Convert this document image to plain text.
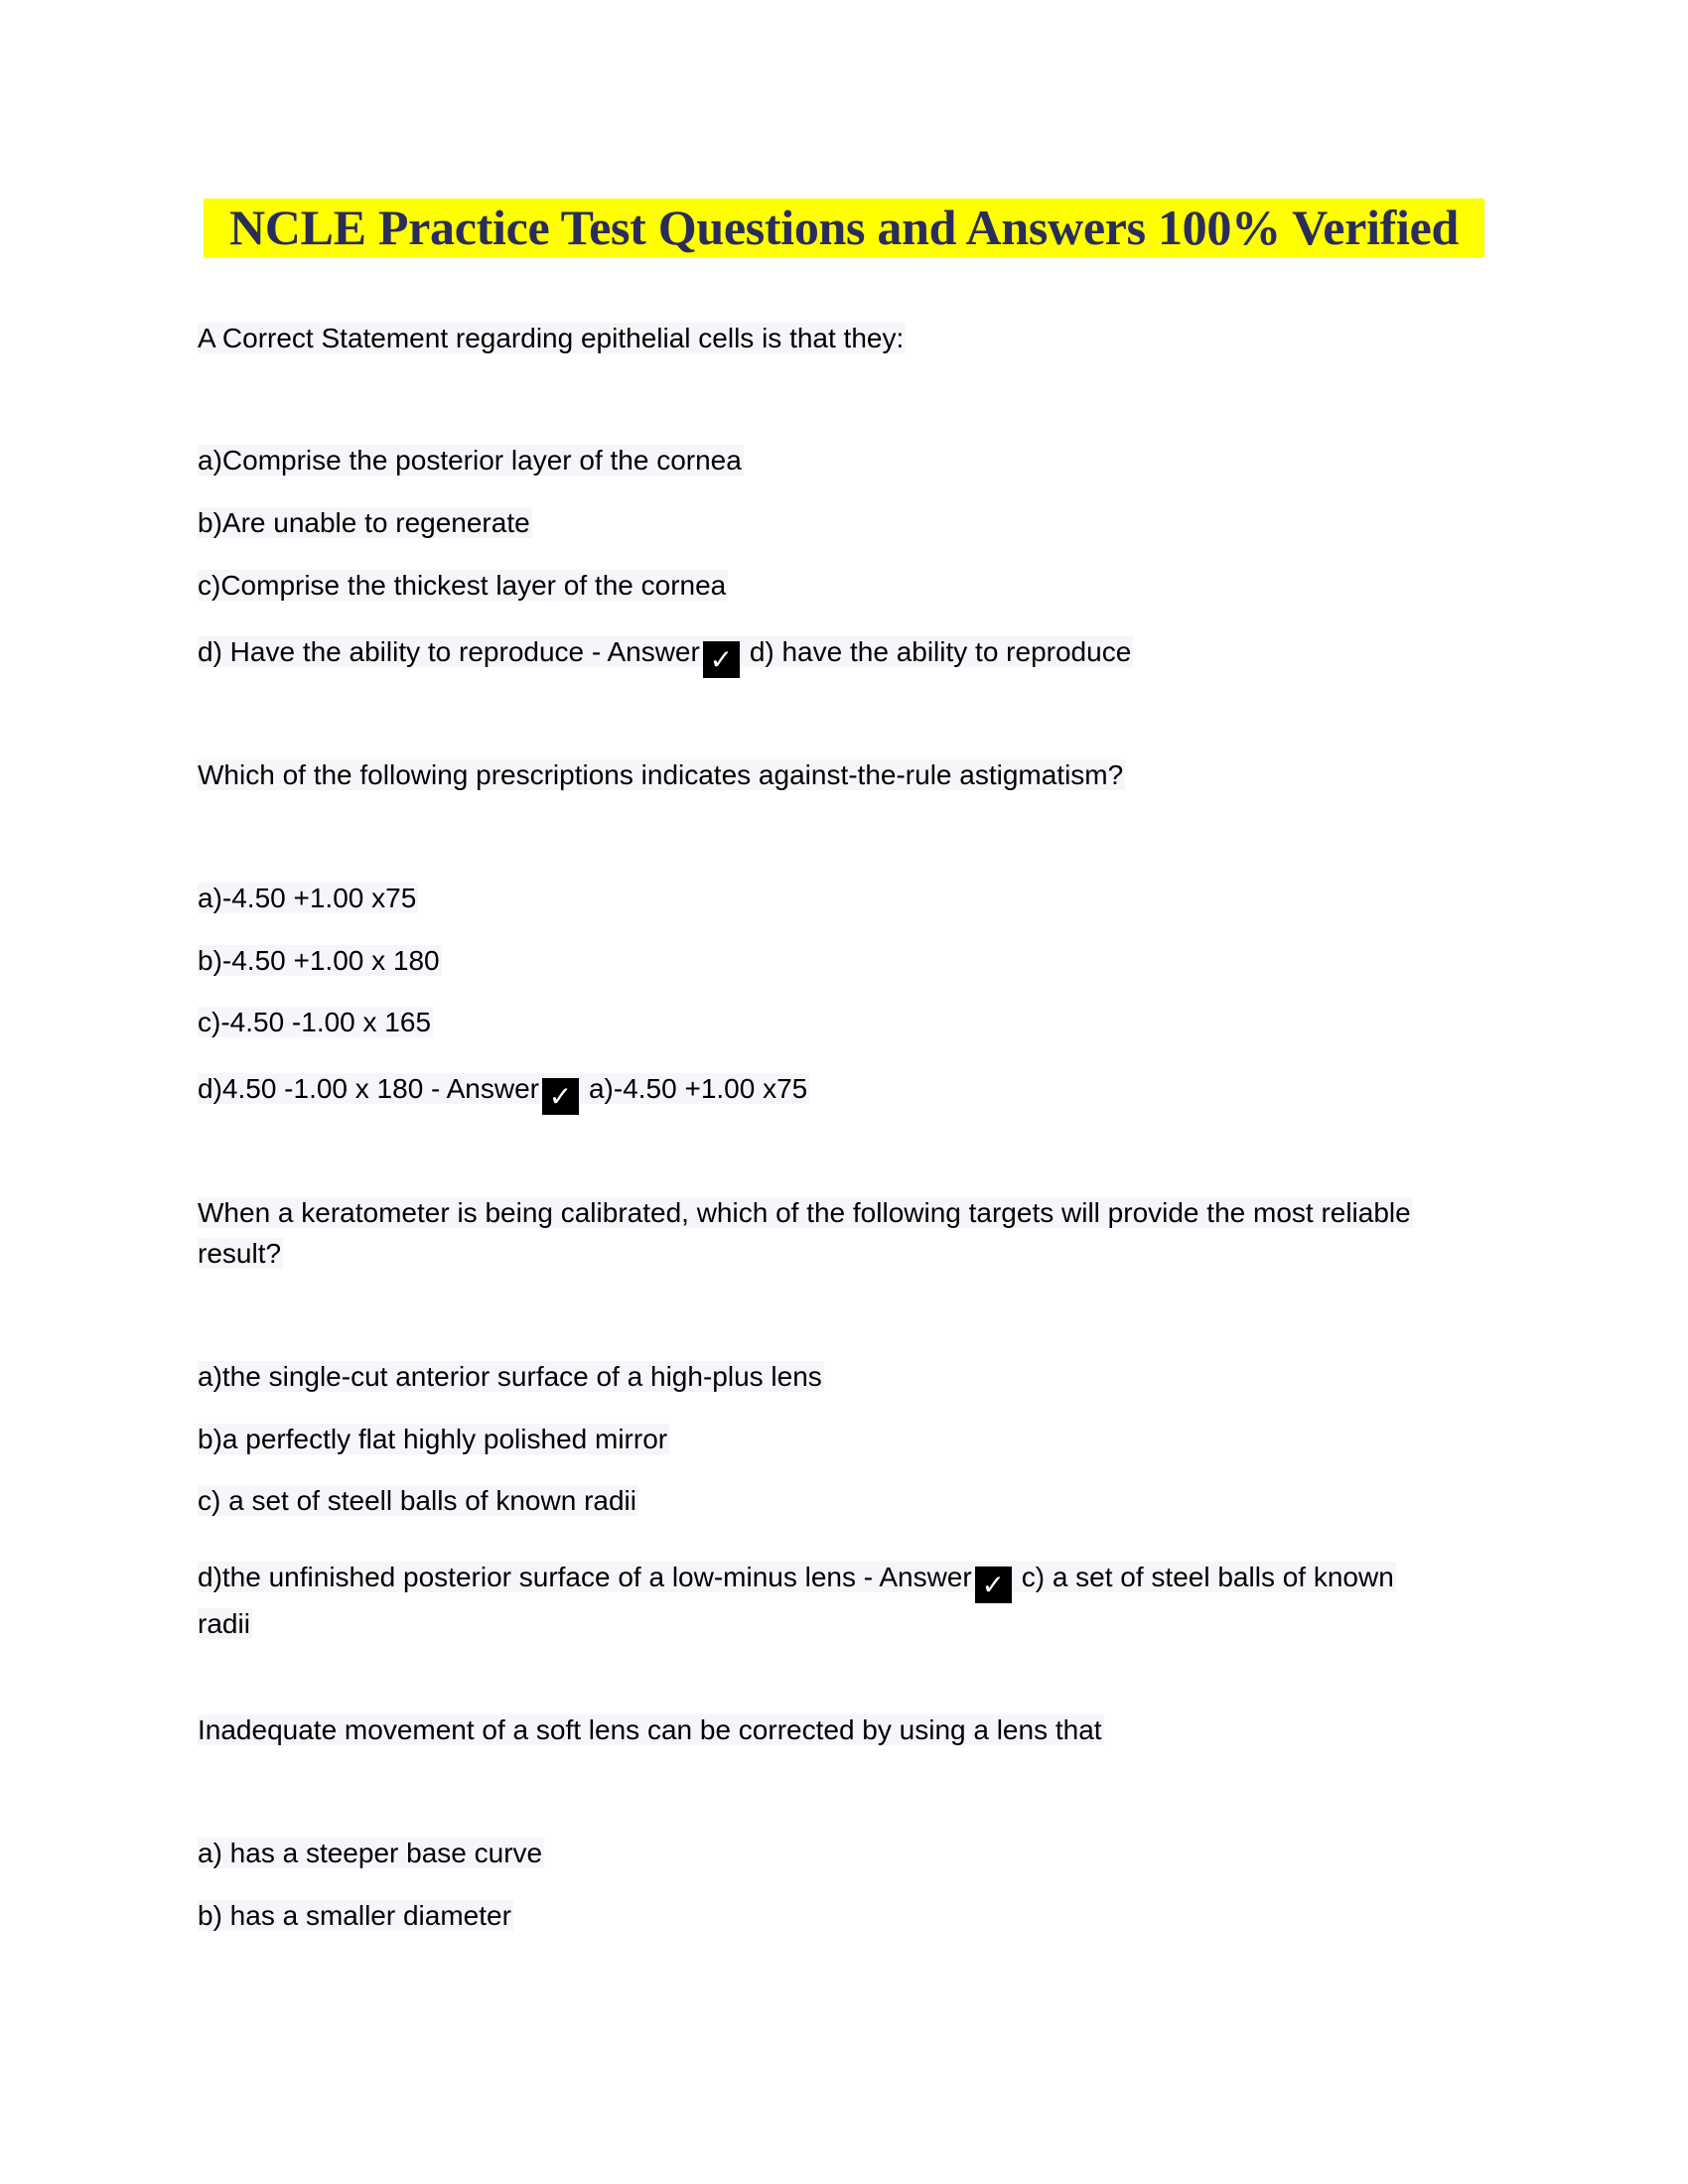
NCLE Practice Test Questions and Answers 100% Verified
A Correct Statement regarding epithelial cells is that they:
a)Comprise the posterior layer of the cornea
b)Are unable to regenerate
c)Comprise the thickest layer of the cornea
d) Have the ability to reproduce - Answer ✓ d) have the ability to reproduce
Which of the following prescriptions indicates against-the-rule astigmatism?
a)-4.50 +1.00 x75
b)-4.50 +1.00 x 180
c)-4.50 -1.00 x 165
d)4.50 -1.00 x 180 - Answer ✓ a)-4.50 +1.00 x75
When a keratometer is being calibrated, which of the following targets will provide the most reliable result?
a)the single-cut anterior surface of a high-plus lens
b)a perfectly flat highly polished mirror
c) a set of steell balls of known radii
d)the unfinished posterior surface of a low-minus lens - Answer ✓ c) a set of steel balls of known radii
Inadequate movement of a soft lens can be corrected by using a lens that
a) has a steeper base curve
b) has a smaller diameter
